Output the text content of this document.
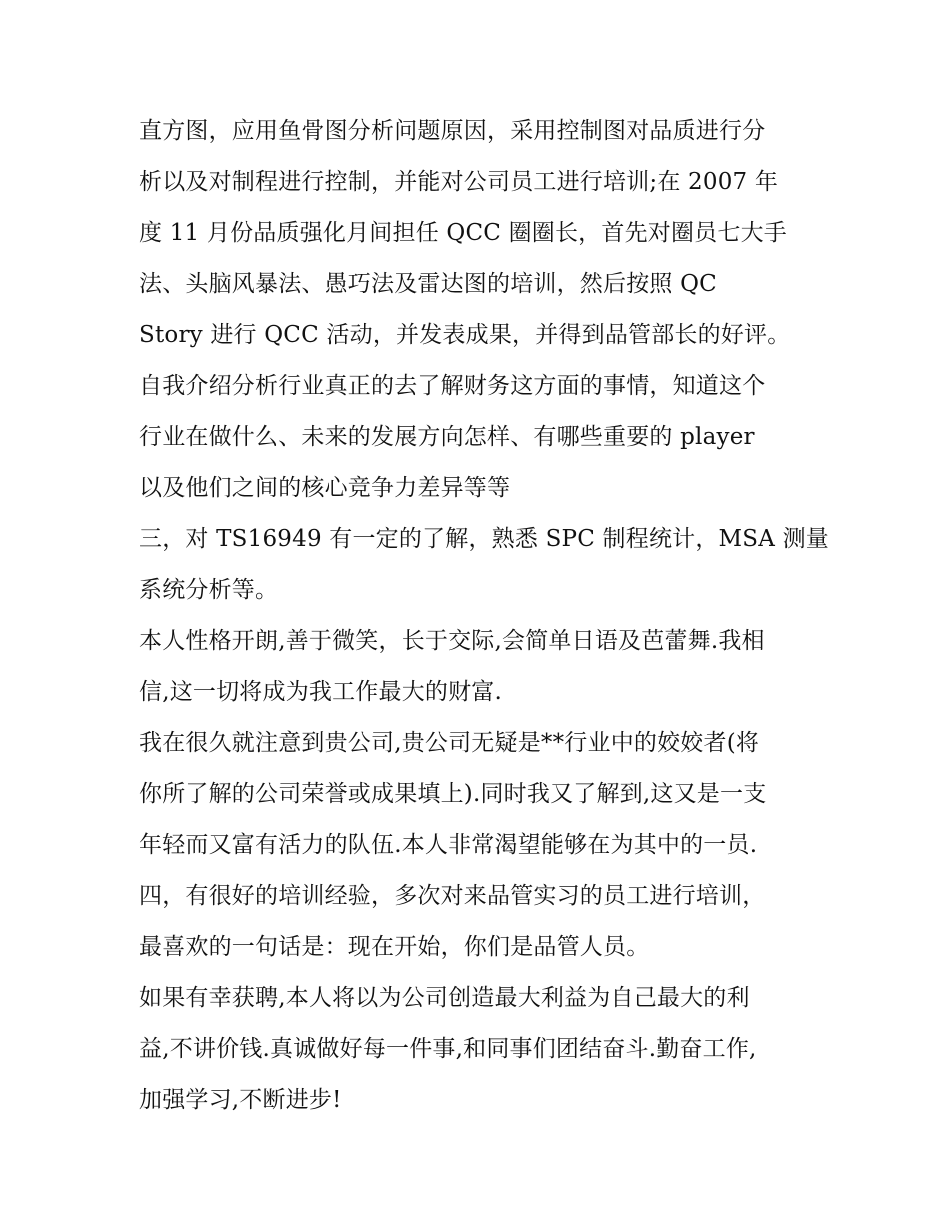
直方图，应用鱼骨图分析问题原因，采用控制图对品质进行分
析以及对制程进行控制，并能对公司员工进行培训;在 2007 年
度 11 月份品质强化月间担任 QCC 圈圈长，首先对圈员七大手
法、头脑风暴法、愚巧法及雷达图的培训，然后按照 QC
Story 进行 QCC 活动，并发表成果，并得到品管部长的好评。
自我介绍分析行业真正的去了解财务这方面的事情，知道这个
行业在做什么、未来的发展方向怎样、有哪些重要的 player
以及他们之间的核心竞争力差异等等
三，对 TS16949 有一定的了解，熟悉 SPC 制程统计，MSA 测量
系统分析等。
本人性格开朗,善于微笑，长于交际,会简单日语及芭蕾舞.我相
信,这一切将成为我工作最大的财富.
我在很久就注意到贵公司,贵公司无疑是**行业中的姣姣者(将
你所了解的公司荣誉或成果填上).同时我又了解到,这又是一支
年轻而又富有活力的队伍.本人非常渴望能够在为其中的一员.
四，有很好的培训经验，多次对来品管实习的员工进行培训，
最喜欢的一句话是：现在开始，你们是品管人员。
如果有幸获聘,本人将以为公司创造最大利益为自己最大的利
益,不讲价钱.真诚做好每一件事,和同事们团结奋斗.勤奋工作,
加强学习,不断进步!
